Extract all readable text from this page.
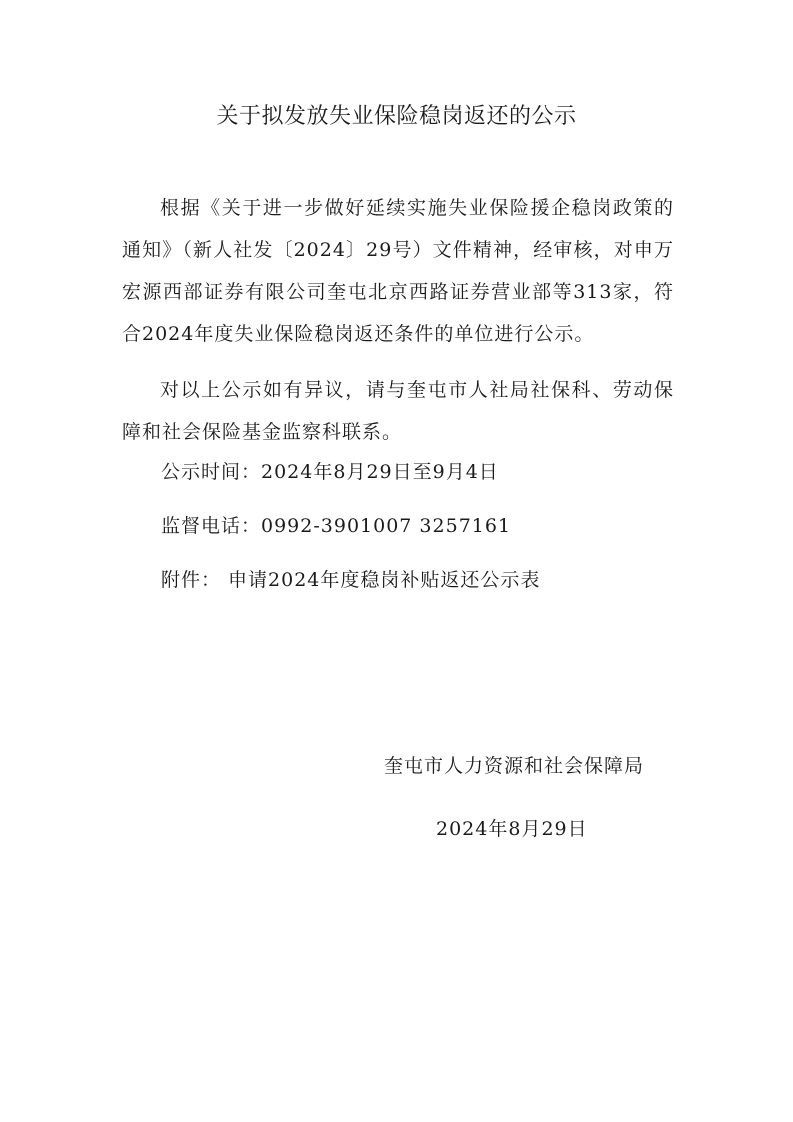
关于拟发放失业保险稳岗返还的公示

根据《关于进一步做好延续实施失业保险援企稳岗政策的通知》（新人社发〔2024〕29号）文件精神，经审核，对申万宏源西部证券有限公司奎屯北京西路证券营业部等313家，符合2024年度失业保险稳岗返还条件的单位进行公示。

对以上公示如有异议，请与奎屯市人社局社保科、劳动保障和社会保险基金监察科联系。

公示时间：2024年8月29日至9月4日
监督电话：0992-3901007 3257161
附件： 申请2024年度稳岗补贴返还公示表
奎屯市人力资源和社会保障局
2024年8月29日
